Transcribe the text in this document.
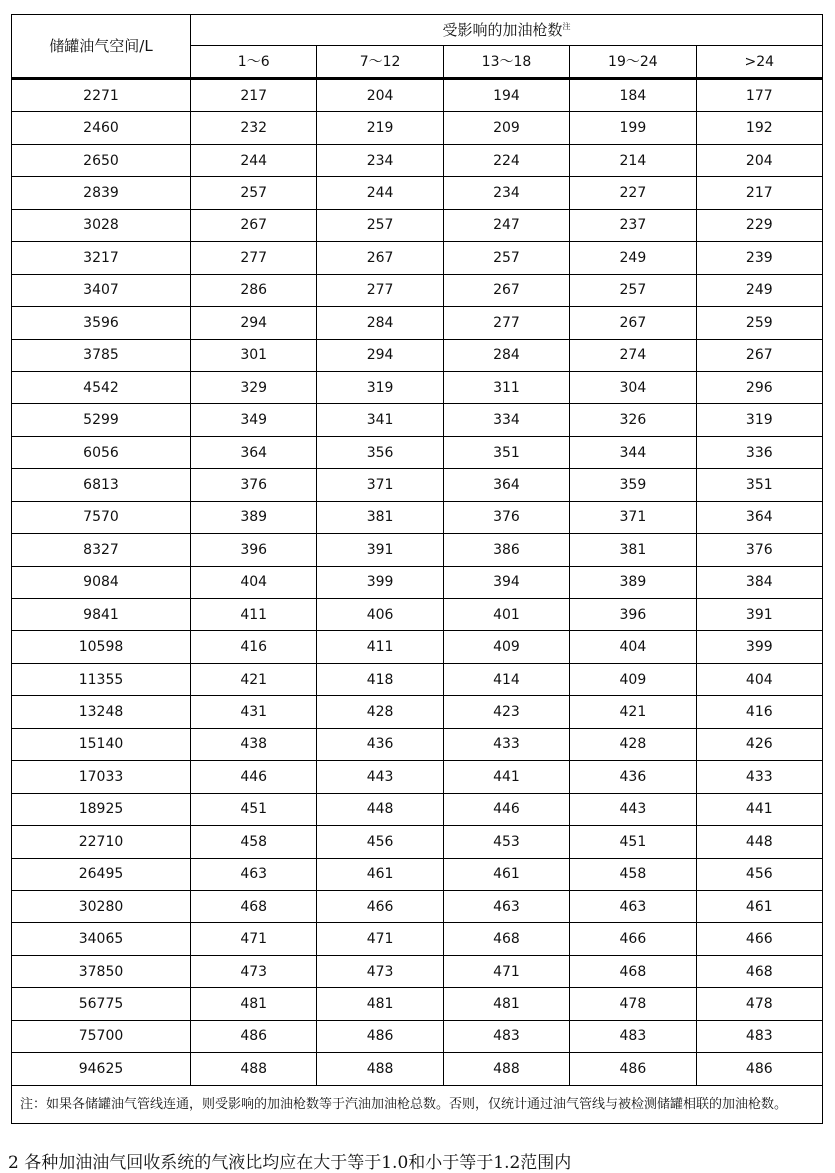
储罐油气空间/L	受影响的加油枪数$^注$
	1～6	7～12	13～18	19～24	>24
2271	217	204	194	184	177
2460	232	219	209	199	192
2650	244	234	224	214	204
2839	257	244	234	227	217
3028	267	257	247	237	229
3217	277	267	257	249	239
3407	286	277	267	257	249
3596	294	284	277	267	259
3785	301	294	284	274	267
4542	329	319	311	304	296
5299	349	341	334	326	319
6056	364	356	351	344	336
6813	376	371	364	359	351
7570	389	381	376	371	364
8327	396	391	386	381	376
9084	404	399	394	389	384
9841	411	406	401	396	391
10598	416	411	409	404	399
11355	421	418	414	409	404
13248	431	428	423	421	416
15140	438	436	433	428	426
17033	446	443	441	436	433
18925	451	448	446	443	441
22710	458	456	453	451	448
26495	463	461	461	458	456
30280	468	466	463	463	461
34065	471	471	468	466	466
37850	473	473	471	468	468
56775	481	481	481	478	478
75700	486	486	483	483	483
94625	488	488	488	486	486
注：如果各储罐油气管线连通，则受影响的加油枪数等于汽油加油枪总数。否则，仅统计通过油气管线与被检测储罐相联的加油枪数。					
2 各种加油油气回收系统的气液比均应在大于等于1.0和小于等于1.2范围内
